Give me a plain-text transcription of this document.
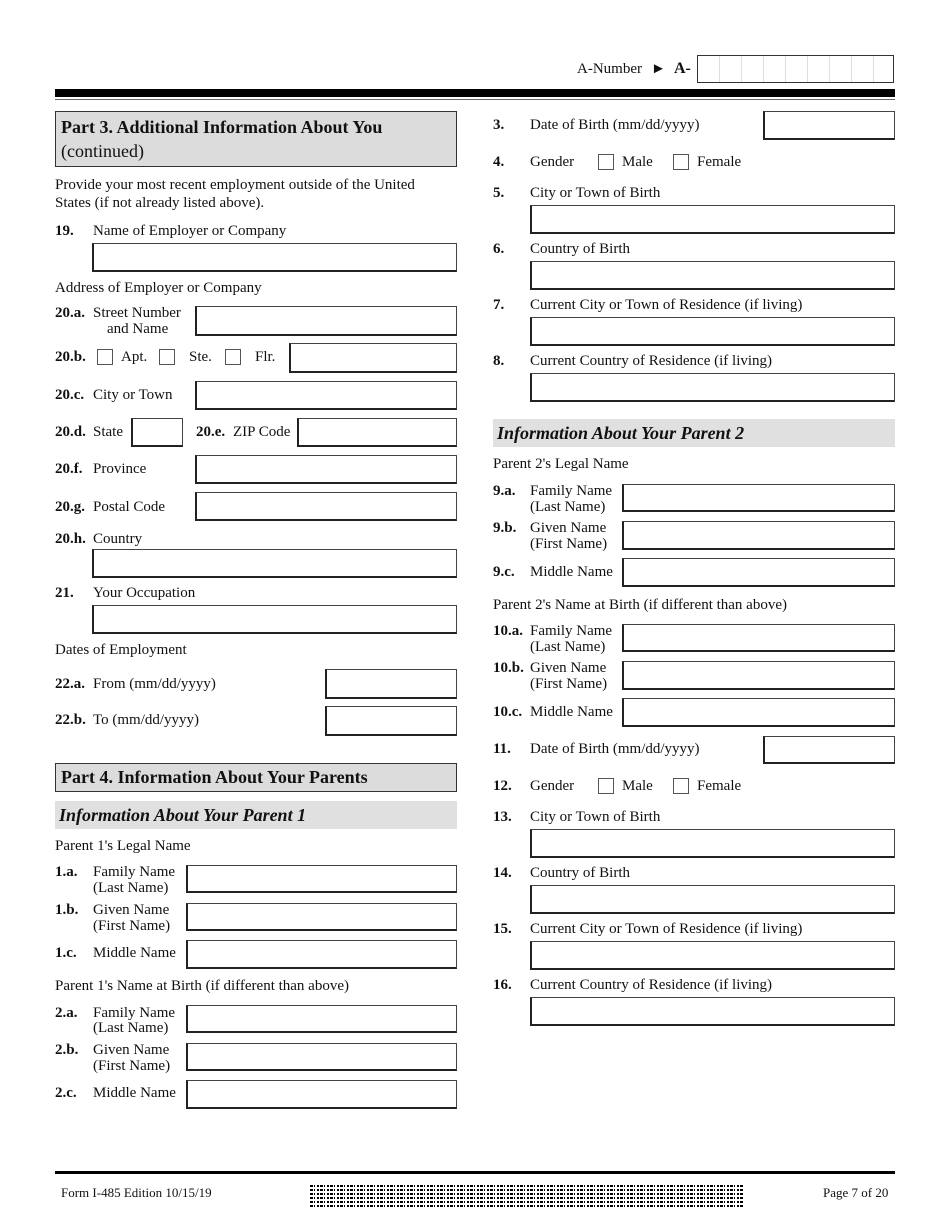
A-Number ► A-
Part 3. Additional Information About You
(continued)
Provide your most recent employment outside of the United States (if not already listed above).
19. Name of Employer or Company
Address of Employer or Company
20.a. Street Number
and Name
20.b. Apt.	Ste.	Flr.
20.c. City or Town
20.d. State	20.e. ZIP Code
20.f. Province
20.g. Postal Code
20.h. Country
21. Your Occupation
Dates of Employment
22.a. From (mm/dd/yyyy)
22.b. To (mm/dd/yyyy)
Part 4. Information About Your Parents
Information About Your Parent 1
Parent 1's Legal Name
1.a. Family Name
(Last Name)
1.b. Given Name
(First Name)
1.c. Middle Name
Parent 1's Name at Birth (if different than above)
2.a. Family Name
(Last Name)
2.b. Given Name
(First Name)
2.c. Middle Name
3. Date of Birth (mm/dd/yyyy)
4. Gender	Male	Female
5. City or Town of Birth
6. Country of Birth
7. Current City or Town of Residence (if living)
8. Current Country of Residence (if living)
Information About Your Parent 2
Parent 2's Legal Name
9.a. Family Name
(Last Name)
9.b. Given Name
(First Name)
9.c. Middle Name
Parent 2's Name at Birth (if different than above)
10.a. Family Name
(Last Name)
10.b. Given Name
(First Name)
10.c. Middle Name
11. Date of Birth (mm/dd/yyyy)
12. Gender	Male	Female
13. City or Town of Birth
14. Country of Birth
15. Current City or Town of Residence (if living)
16. Current Country of Residence (if living)
Form I-485 Edition 10/15/19	Page 7 of 20
